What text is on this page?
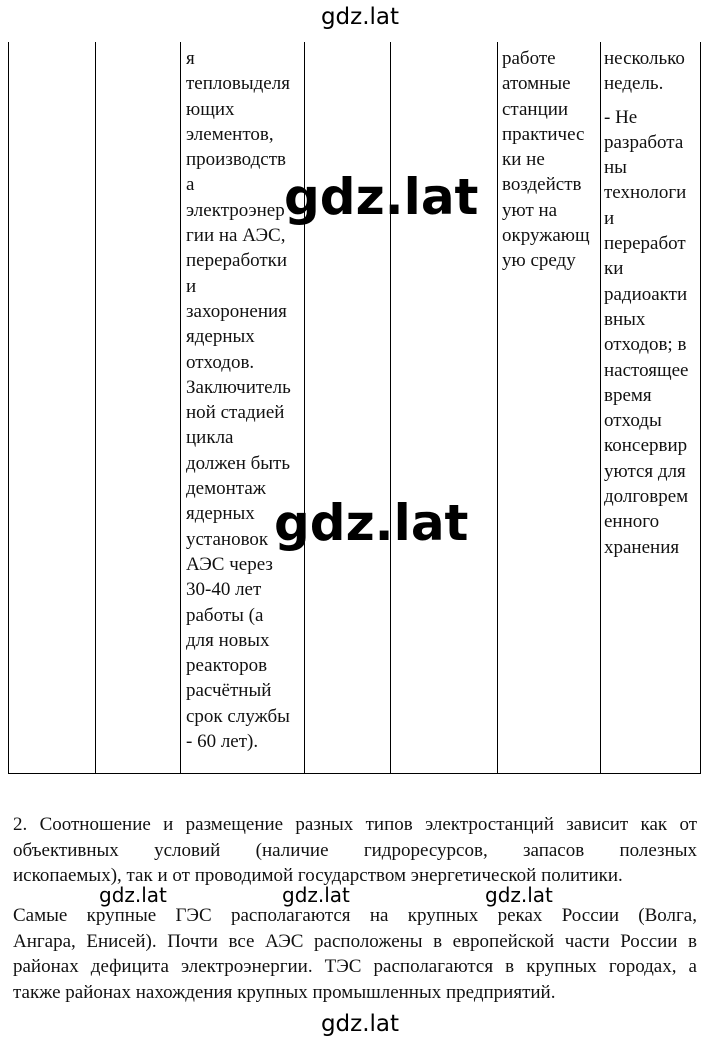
я
тепловыделя
ющих
элементов,
производств
а
электроэнер
гии на АЭС,
переработки
и
захоронения
ядерных
отходов.
Заключитель
ной стадией
цикла
должен быть
демонтаж
ядерных
установок
АЭС через
30-40 лет
работы (а
для новых
реакторов
расчётный
срок службы
- 60 лет).
работе
атомные
станции
практичес
ки не
воздейств
уют на
окружающ
ую среду
несколько
недель.
- Не
разработа
ны
технологи
и
переработ
ки
радиоакти
вных
отходов; в
настоящее
время
отходы
консервир
уются для
долговрем
енного
хранения
2. Соотношение и размещение разных типов электростанций зависит как от
объективных условий (наличие гидроресурсов, запасов полезных
ископаемых), так и от проводимой государством энергетической политики.
Самые крупные ГЭС располагаются на крупных реках России (Волга,
Ангара, Енисей). Почти все АЭС расположены в европейской части России в
районах дефицита электроэнергии. ТЭС располагаются в крупных городах, а
также районах нахождения крупных промышленных предприятий.
gdz.lat
gdz.lat
gdz.lat
gdz.lat	gdz.lat	gdz.lat
gdz.lat
